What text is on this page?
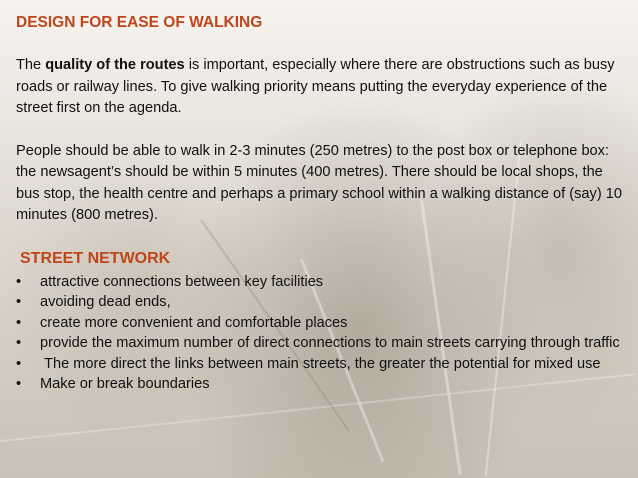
DESIGN FOR EASE OF WALKING

The quality of the routes is important, especially where there are obstructions such as busy roads or railway lines. To give walking priority means putting the everyday experience of the street first on the agenda.

People should be able to walk in 2-3 minutes (250 metres) to the post box or telephone box: the newsagent’s should be within 5 minutes (400 metres). There should be local shops, the bus stop, the health centre and perhaps a primary school within a walking distance of (say) 10 minutes (800 metres).

STREET NETWORK
•	attractive connections between key facilities
•	avoiding dead ends,
•	create more convenient and comfortable places
•	provide the maximum number of direct connections to main streets carrying through traffic
•	The more direct the links between main streets, the greater the potential for mixed use
•	Make or break boundaries
